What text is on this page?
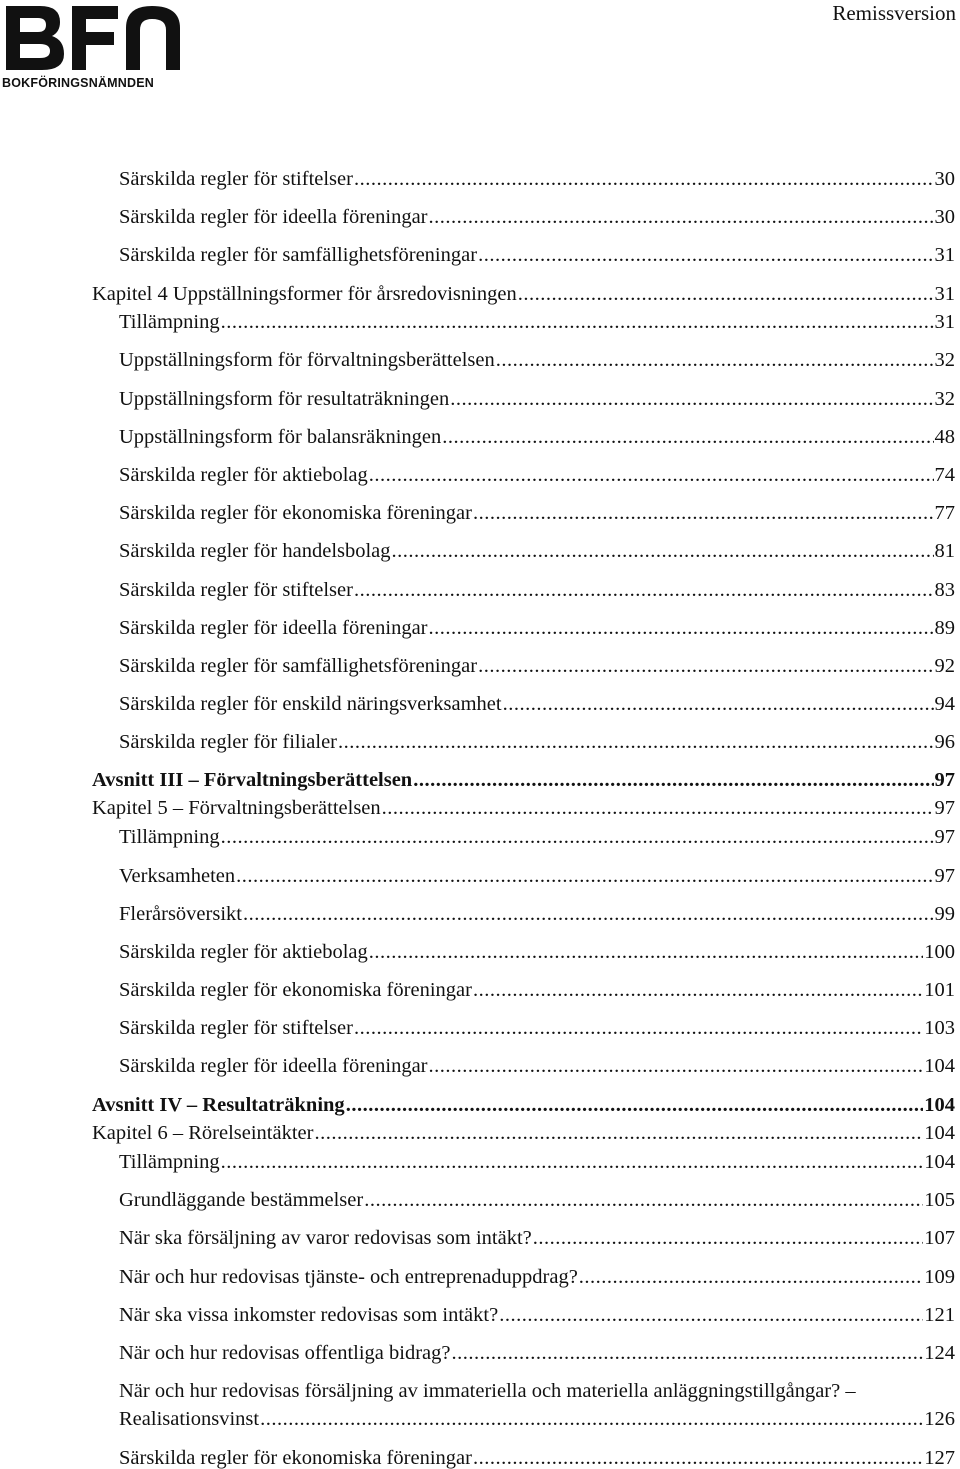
BOKFÖRINGSNÄMNDEN
Remissversion
Särskilda regler för stiftelser .....	30
Särskilda regler för ideella föreningar .....	30
Särskilda regler för samfällighetsföreningar .....	31
Kapitel 4 Uppställningsformer för årsredovisningen .....	31
Tillämpning .....	31
Uppställningsform för förvaltningsberättelsen .....	32
Uppställningsform för resultaträkningen .....	32
Uppställningsform för balansräkningen .....	48
Särskilda regler för aktiebolag .....	74
Särskilda regler för ekonomiska föreningar .....	77
Särskilda regler för handelsbolag .....	81
Särskilda regler för stiftelser .....	83
Särskilda regler för ideella föreningar .....	89
Särskilda regler för samfällighetsföreningar .....	92
Särskilda regler för enskild näringsverksamhet .....	94
Särskilda regler för filialer .....	96
Avsnitt III – Förvaltningsberättelsen .....	97
Kapitel 5 – Förvaltningsberättelsen .....	97
Tillämpning .....	97
Verksamheten .....	97
Flerårsöversikt .....	99
Särskilda regler för aktiebolag .....	100
Särskilda regler för ekonomiska föreningar .....	101
Särskilda regler för stiftelser .....	103
Särskilda regler för ideella föreningar .....	104
Avsnitt IV – Resultaträkning .....	104
Kapitel 6 – Rörelseintäkter .....	104
Tillämpning .....	104
Grundläggande bestämmelser .....	105
När ska försäljning av varor redovisas som intäkt? .....	107
När och hur redovisas tjänste- och entreprenaduppdrag? .....	109
När ska vissa inkomster redovisas som intäkt? .....	121
När och hur redovisas offentliga bidrag? .....	124
När och hur redovisas försäljning av immateriella och materiella anläggningstillgångar? –
Realisationsvinst .....	126
Särskilda regler för ekonomiska föreningar .....	127
